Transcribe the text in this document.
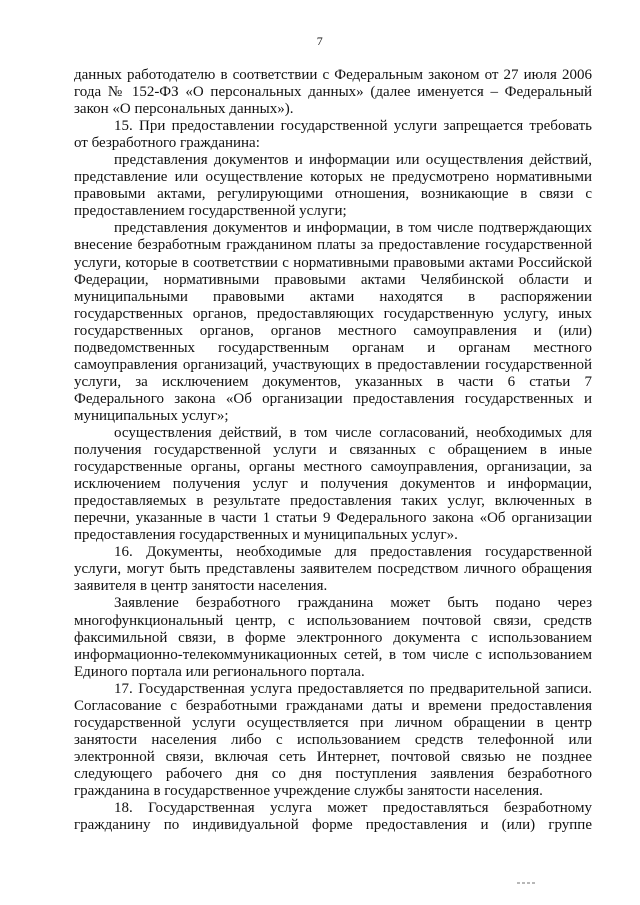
7

данных работодателю в соответствии с Федеральным законом от 27 июля 2006 года № 152-ФЗ «О персональных данных» (далее именуется – Федеральный закон «О персональных данных»).

15. При предоставлении государственной услуги запрещается требовать от безработного гражданина:

представления документов и информации или осуществления действий, представление или осуществление которых не предусмотрено нормативными правовыми актами, регулирующими отношения, возникающие в связи с предоставлением государственной услуги;

представления документов и информации, в том числе подтверждающих внесение безработным гражданином платы за предоставление государственной услуги, которые в соответствии с нормативными правовыми актами Российской Федерации, нормативными правовыми актами Челябинской области и муниципальными правовыми актами находятся в распоряжении государственных органов, предоставляющих государственную услугу, иных государственных органов, органов местного самоуправления и (или) подведомственных государственным органам и органам местного самоуправления организаций, участвующих в предоставлении государственной услуги, за исключением документов, указанных в части 6 статьи 7 Федерального закона «Об организации предоставления государственных и муниципальных услуг»;

осуществления действий, в том числе согласований, необходимых для получения государственной услуги и связанных с обращением в иные государственные органы, органы местного самоуправления, организации, за исключением получения услуг и получения документов и информации, предоставляемых в результате предоставления таких услуг, включенных в перечни, указанные в части 1 статьи 9 Федерального закона «Об организации предоставления государственных и муниципальных услуг».

16. Документы, необходимые для предоставления государственной услуги, могут быть представлены заявителем посредством личного обращения заявителя в центр занятости населения.

Заявление безработного гражданина может быть подано через многофункциональный центр, с использованием почтовой связи, средств факсимильной связи, в форме электронного документа с использованием информационно-телекоммуникационных сетей, в том числе с использованием Единого портала или регионального портала.

17. Государственная услуга предоставляется по предварительной записи. Согласование с безработными гражданами даты и времени предоставления государственной услуги осуществляется при личном обращении в центр занятости населения либо с использованием средств телефонной или электронной связи, включая сеть Интернет, почтовой связью не позднее следующего рабочего дня со дня поступления заявления безработного гражданина в государственное учреждение службы занятости населения.

18. Государственная услуга может предоставляться безработному гражданину по индивидуальной форме предоставления и (или) группе
